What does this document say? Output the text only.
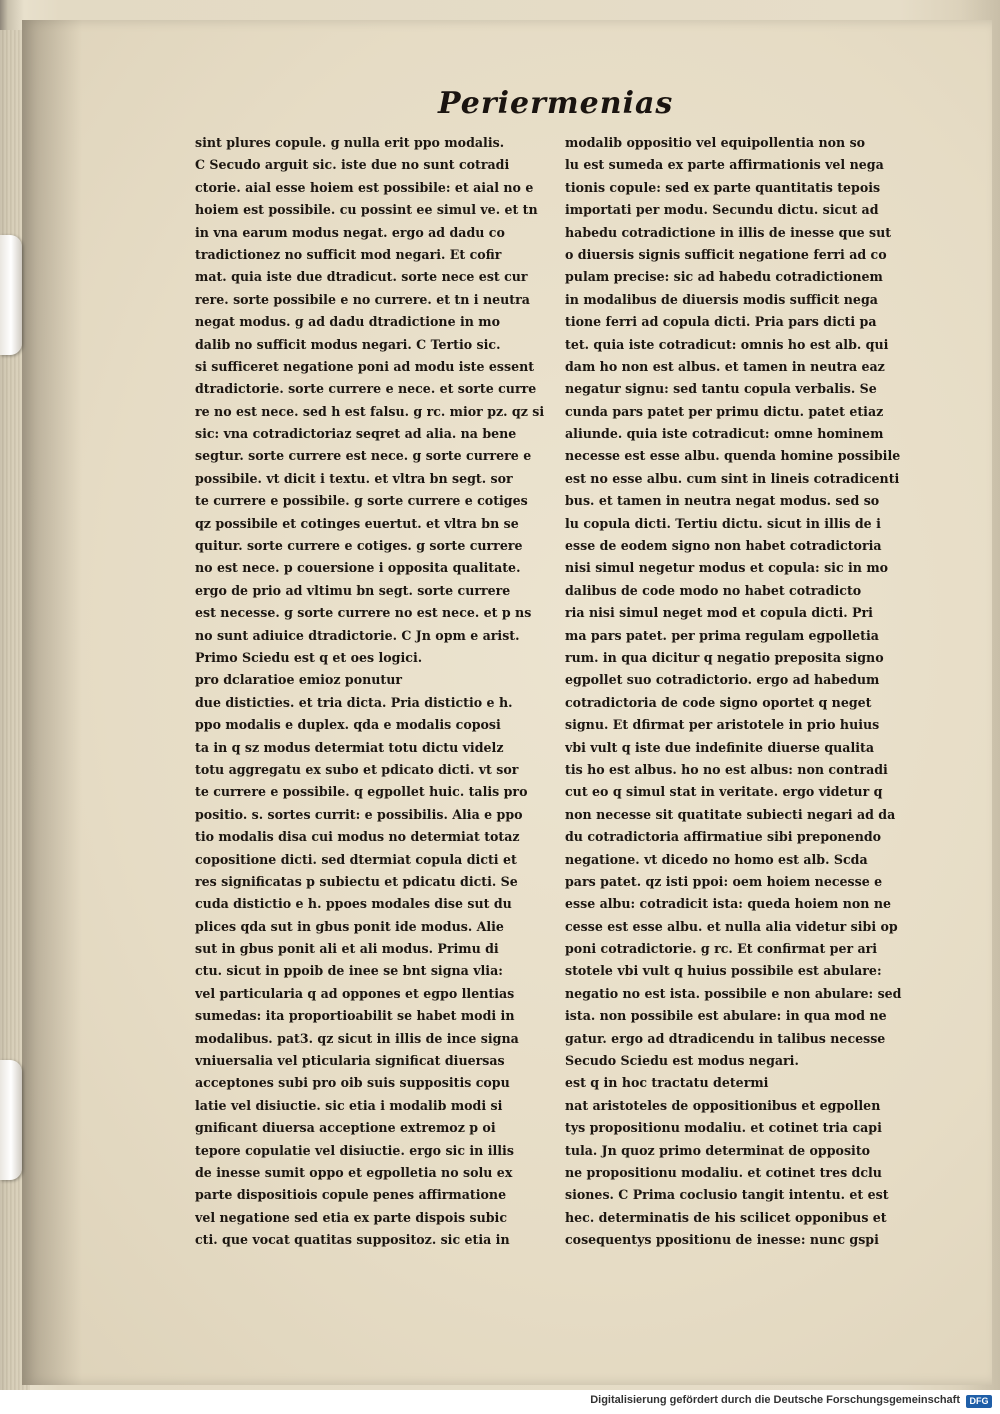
Periermenias
sint plures copule. g nulla erit ppo modalis.
C Secudo arguit sic. iste due no sunt cotradi
ctorie. aial esse hoiem est possibile: et aial no e
hoiem est possibile. cu possint ee simul ve. et tn
in vna earum modus negat. ergo ad dadu co
tradictionez no sufficit mod negari. Et cofir
mat. quia iste due dtradicut. sorte nece est cur
rere. sorte possibile e no currere. et tn i neutra
negat modus. g ad dadu dtradictione in mo
dalib no sufficit modus negari. C Tertio sic.
si sufficeret negatione poni ad modu iste essent
dtradictorie. sorte currere e nece. et sorte curre
re no est nece. sed h est falsu. g rc. mior pz. qz si
sic: vna cotradictoriaz seqret ad alia. na bene
segtur. sorte currere est nece. g sorte currere e
possibile. vt dicit i textu. et vltra bn segt. sor
te currere e possibile. g sorte currere e cotiges
qz possibile et cotinges euertut. et vltra bn se
quitur. sorte currere e cotiges. g sorte currere
no est nece. p couersione i opposita qualitate.
ergo de prio ad vltimu bn segt. sorte currere
est necesse. g sorte currere no est nece. et p ns
no sunt adiuice dtradictorie. C Jn opm e arist.
Primo Sciedu est q et oes logici.
pro dclaratioe emioz ponutur
due disticties. et tria dicta. Pria distictio e h.
ppo modalis e duplex. qda e modalis coposi
ta in q sz modus determiat totu dictu videlz
totu aggregatu ex subo et pdicato dicti. vt sor
te currere e possibile. q egpollet huic. talis pro
positio. s. sortes currit: e possibilis. Alia e ppo
tio modalis disa cui modus no determiat totaz
copositione dicti. sed dtermiat copula dicti et
res significatas p subiectu et pdicatu dicti. Se
cuda distictio e h. ppoes modales dise sut du
plices qda sut in gbus ponit ide modus. Alie
sut in gbus ponit ali et ali modus. Primu di
ctu. sicut in ppoib de inee se bnt signa vlia:
vel particularia q ad oppones et egpo llentias
sumedas: ita proportioabilit se habet modi in
modalibus. pat3. qz sicut in illis de ince signa
vniuersalia vel pticularia significat diuersas
acceptones subi pro oib suis suppositis copu
latie vel disiuctie. sic etia i modalib modi si
gnificant diuersa acceptione extremoz p oi
tepore copulatie vel disiuctie. ergo sic in illis
de inesse sumit oppo et egpolletia no solu ex
parte dispositiois copule penes affirmatione
vel negatione sed etia ex parte dispois subic
cti. que vocat quatitas suppositoz. sic etia in
modalib oppositio vel equipollentia non so
lu est sumeda ex parte affirmationis vel nega
tionis copule: sed ex parte quantitatis tepois
importati per modu. Secundu dictu. sicut ad
habedu cotradictione in illis de inesse que sut
o diuersis signis sufficit negatione ferri ad co
pulam precise: sic ad habedu cotradictionem
in modalibus de diuersis modis sufficit nega
tione ferri ad copula dicti. Pria pars dicti pa
tet. quia iste cotradicut: omnis ho est alb. qui
dam ho non est albus. et tamen in neutra eaz
negatur signu: sed tantu copula verbalis. Se
cunda pars patet per primu dictu. patet etiaz
aliunde. quia iste cotradicut: omne hominem
necesse est esse albu. quenda homine possibile
est no esse albu. cum sint in lineis cotradicenti
bus. et tamen in neutra negat modus. sed so
lu copula dicti. Tertiu dictu. sicut in illis de i
esse de eodem signo non habet cotradictoria
nisi simul negetur modus et copula: sic in mo
dalibus de code modo no habet cotradicto
ria nisi simul neget mod et copula dicti. Pri
ma pars patet. per prima regulam egpolletia
rum. in qua dicitur q negatio preposita signo
egpollet suo cotradictorio. ergo ad habedum
cotradictoria de code signo oportet q neget
signu. Et dfirmat per aristotele in prio huius
vbi vult q iste due indefinite diuerse qualita
tis ho est albus. ho no est albus: non contradi
cut eo q simul stat in veritate. ergo videtur q
non necesse sit quatitate subiecti negari ad da
du cotradictoria affirmatiue sibi preponendo
negatione. vt dicedo no homo est alb. Scda
pars patet. qz isti ppoi: oem hoiem necesse e
esse albu: cotradicit ista: queda hoiem non ne
cesse est esse albu. et nulla alia videtur sibi op
poni cotradictorie. g rc. Et confirmat per ari
stotele vbi vult q huius possibile est abulare:
negatio no est ista. possibile e non abulare: sed
ista. non possibile est abulare: in qua mod ne
gatur. ergo ad dtradicendu in talibus necesse
Secudo Sciedu est modus negari.
est q in hoc tractatu determi
nat aristoteles de oppositionibus et egpollen
tys propositionu modaliu. et cotinet tria capi
tula. Jn quoz primo determinat de opposito
ne propositionu modaliu. et cotinet tres dclu
siones. C Prima coclusio tangit intentu. et est
hec. determinatis de his scilicet opponibus et
cosequentys ppositionu de inesse: nunc gspi
Digitalisierung gefördert durch die Deutsche Forschungsgemeinschaft	DFG
